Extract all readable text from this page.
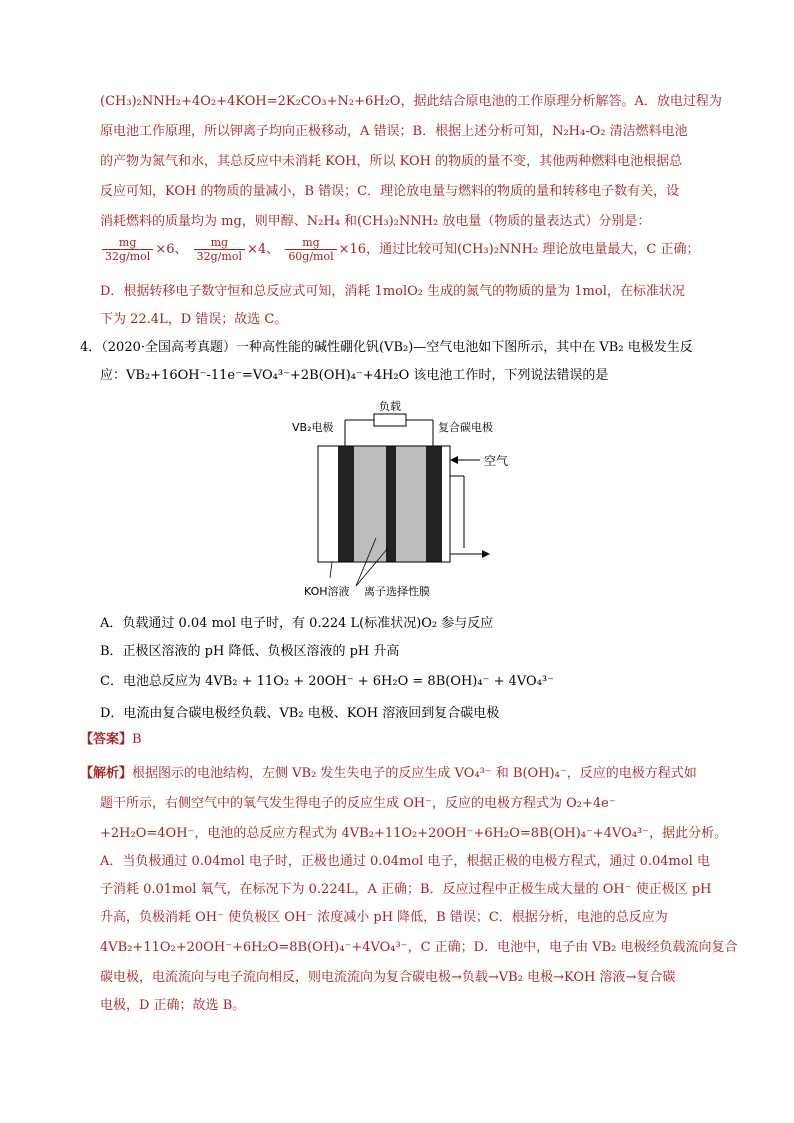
(CH₃)₂NNH₂+4O₂+4KOH=2K₂CO₃+N₂+6H₂O，据此结合原电池的工作原理分析解答。A．放电过程为
原电池工作原理，所以钾离子均向正极移动，A 错误；B．根据上述分析可知，N₂H₄-O₂ 清洁燃料电池
的产物为氮气和水，其总反应中未消耗 KOH，所以 KOH 的物质的量不变，其他两种燃料电池根据总
反应可知，KOH 的物质的量减小，B 错误；C．理论放电量与燃料的物质的量和转移电子数有关，设
消耗燃料的质量均为 mg，则甲醇、N₂H₄ 和(CH₃)₂NNH₂ 放电量（物质的量表达式）分别是：
$\frac{mg}{\text{32g/mol}} \times 6$、 $\frac{mg}{\text{32g/mol}} \times 4$、 $\frac{mg}{\text{60g/mol}} \times 16$，通过比较可知(CH₃)₂NNH₂ 理论放电量最大，C 正确；
D．根据转移电子数守恒和总反应式可知，消耗 1molO₂ 生成的氮气的物质的量为 1mol，在标准状况
下为 22.4L，D 错误；故选 C。
4．（2020·全国高考真题）一种高性能的碱性硼化钒(VB₂)—空气电池如下图所示，其中在 VB₂ 电极发生反
应：VB₂+16OH⁻-11e⁻=VO₄³⁻+2B(OH)₄⁻+4H₂O 该电池工作时，下列说法错误的是
负载
VB₂电极	复合碳电极
空气
KOH溶液 离子选择性膜
A．负载通过 0.04 mol 电子时，有 0.224 L(标准状况)O₂ 参与反应
B．正极区溶液的 pH 降低、负极区溶液的 pH 升高
C．电池总反应为 4VB₂ + 11O₂ + 20OH⁻ + 6H₂O = 8B(OH)₄⁻ + 4VO₄³⁻
D．电流由复合碳电极经负载、VB₂ 电极、KOH 溶液回到复合碳电极
【答案】B
【解析】根据图示的电池结构，左侧 VB₂ 发生失电子的反应生成 VO₄³⁻ 和 B(OH)₄⁻，反应的电极方程式如
题干所示，右侧空气中的氧气发生得电子的反应生成 OH⁻，反应的电极方程式为 O₂+4e⁻
+2H₂O=4OH⁻，电池的总反应方程式为 4VB₂+11O₂+20OH⁻+6H₂O=8B(OH)₄⁻+4VO₄³⁻，据此分析。
A．当负极通过 0.04mol 电子时，正极也通过 0.04mol 电子，根据正极的电极方程式，通过 0.04mol 电
子消耗 0.01mol 氧气，在标况下为 0.224L，A 正确；B．反应过程中正极生成大量的 OH⁻ 使正极区 pH
升高，负极消耗 OH⁻ 使负极区 OH⁻ 浓度减小 pH 降低，B 错误；C．根据分析，电池的总反应为
4VB₂+11O₂+20OH⁻+6H₂O=8B(OH)₄⁻+4VO₄³⁻，C 正确；D．电池中，电子由 VB₂ 电极经负载流向复合
碳电极，电流流向与电子流向相反，则电流流向为复合碳电极→负载→VB₂ 电极→KOH 溶液→复合碳
电极，D 正确；故选 B。
